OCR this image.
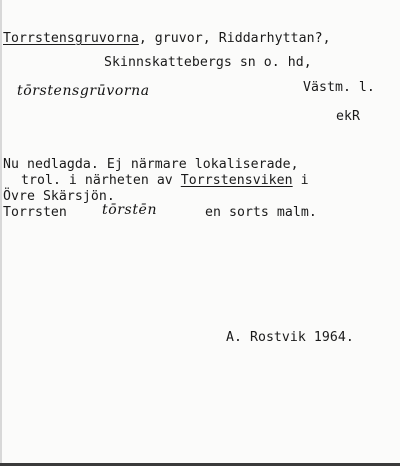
Torrstensgruvorna, gruvor, Riddarhyttan?,
Skinnskattebergs sn o. hd,
tōrstensgrūvorna	Västm. l.
ekR
Nu nedlagda. Ej närmare lokaliserade,
trol. i närheten av Torrstensviken i
Övre Skärsjön.
Torrsten	tōrstēn	en sorts malm.
A. Rostvik 1964.
